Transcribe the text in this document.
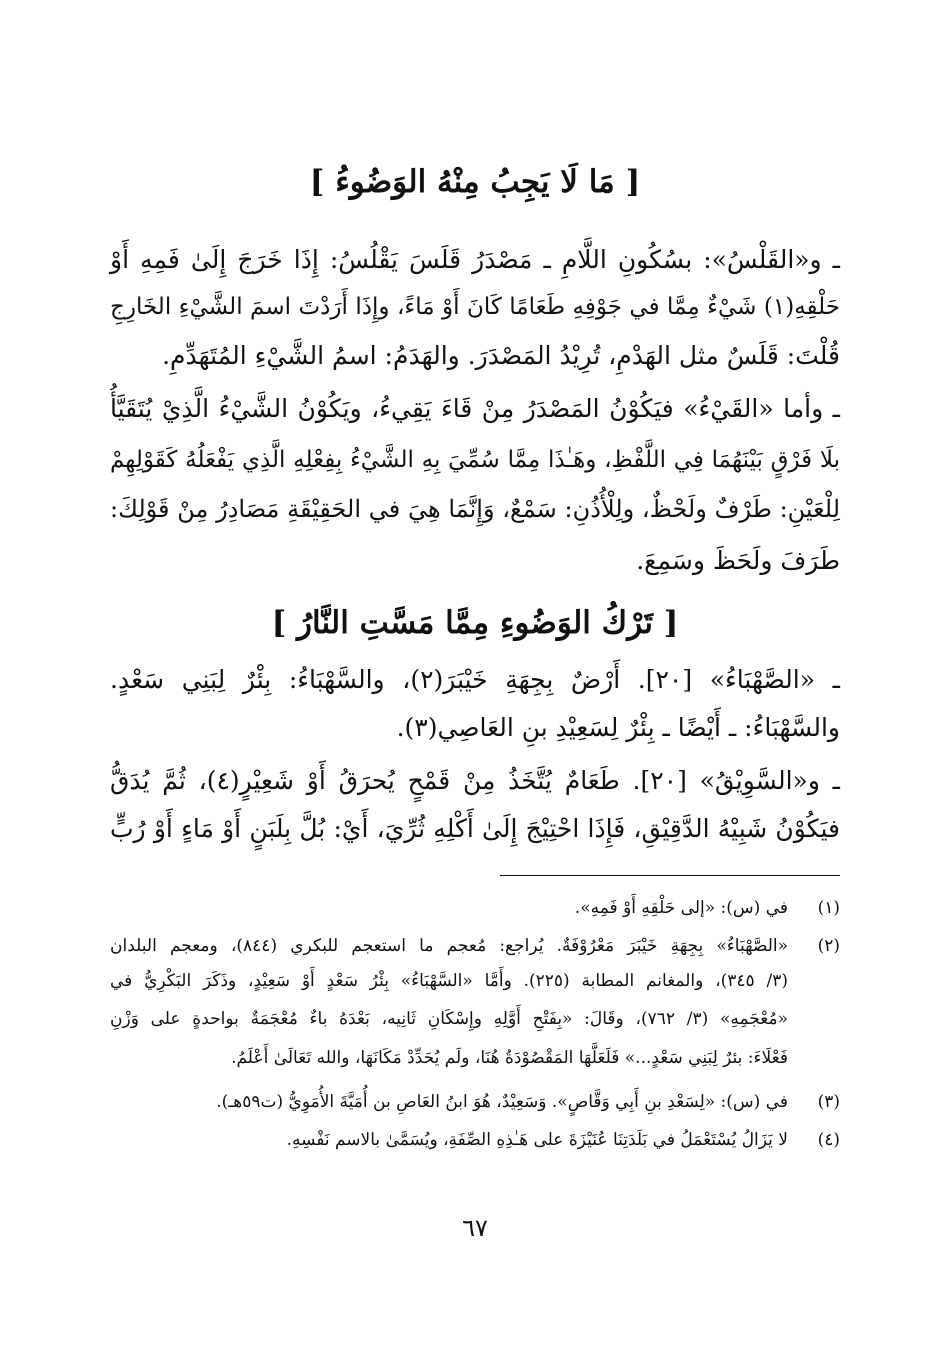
[ مَا لَا يَجِبُ مِنْهُ الوَضُوءُ ]
ـ و«القَلْسُ»: بسُكُونِ اللَّامِ ـ مَصْدَرُ قَلَسَ يَقْلُسُ: إِذَا خَرَجَ إِلَىٰ فَمِهِ أَوْ
حَلْقِهِ(١) شَيْءٌ مِمَّا في جَوْفِهِ طَعَامًا كَانَ أَوْ مَاءً، وإِذَا أَرَدْتَ اسمَ الشَّيْءِ الخَارِجِ
قُلْتَ: قَلَسٌ مثل الهَدْمِ، تُرِيْدُ المَصْدَرَ. والهَدَمُ: اسمُ الشَّيْءِ المُتَهَدِّمِ.
ـ وأما «القَيْءُ» فيَكُوْنُ المَصْدَرُ مِنْ قَاءَ يَقِيءُ، ويَكُوْنُ الشَّيْءُ الَّذِيْ يُتَقَيَّأُ
بلَا فَرْقٍ بَيْنَهُمَا فِي اللَّفْظِ، وهَـٰذَا مِمَّا سُمِّيَ بِهِ الشَّيْءُ بِفِعْلِهِ الَّذِي يَفْعَلُهُ كَقَوْلِهِمْ
لِلْعَيْنِ: طَرْفٌ ولَحْظٌ، ولِلْأُذُنِ: سَمْعٌ، وَإِنَّمَا هِيَ في الحَقِيْقَةِ مَصَادِرُ مِنْ قَوْلِكَ:
طَرَفَ ولَحَظَ وسَمِعَ.
[ تَرْكُ الوَضُوءِ مِمَّا مَسَّتِ النَّارُ ]
ـ «الصَّهْبَاءُ» [٢٠]. أَرْضٌ بِجِهَةِ خَيْبَرَ(٢)، والسَّهْبَاءُ: بِئْرٌ لِبَنِي سَعْدٍ.
والسَّهْبَاءُ: ـ أَيْضًا ـ بِئْرٌ لِسَعِيْدِ بنِ العَاصِي(٣).
ـ و«السَّوِيْقُ» [٢٠]. طَعَامٌ يُتَّخَذُ مِنْ قَمْحٍ يُحرَقُ أَوْ شَعِيْرٍ(٤)، ثُمَّ يُدَقُّ
فيَكُوْنُ شَبِيْهُ الدَّقِيْقِ، فَإِذَا احْتِيْجَ إِلَىٰ أَكْلِهِ ثُرِّيَ، أَيْ: بُلَّ بِلَبَنٍ أَوْ مَاءٍ أَوْ رُبٍّ
(١)
في (س): «إلى حَلْقِهِ أَوْ فَمِهِ».
(٢)
«الصَّهْبَاءُ» بِجِهَةِ خَيْبَرَ مَعْرُوْفَةٌ. يُراجع: مُعجم ما استعجم للبكري (٨٤٤)، ومعجم البلدان
(٣/ ٣٤٥)، والمغانم المطابة (٢٢٥). وأَمَّا «السَّهْبَاءُ» بِئْرُ سَعْدٍ أَوْ سَعِيْدٍ، وذَكَرَ البَكْرِيُّ في
«مُعْجَمِهِ» (٣/ ٧٦٢)، وقَالَ: «بِفَتْحِ أَوَّلِهِ وإِسْكَانِ ثَانِيه، بَعْدَهُ باءٌ مُعْجَمَةٌ بواحدةٍ على وَزْنِ
فَعْلَاءَ: بئرٌ لِبَنِي سَعْدٍ...» فَلَعَلَّهَا المَقْصُوْدَةُ هُنَا، ولَم يُحَدِّدْ مَكَانَهَا، والله تَعَالَىٰ أَعْلَمُ.
(٣)
في (س): «لِسَعْدِ بنِ أَبِي وَقَّاصٍ». وَسَعِيْدٌ، هُوَ ابنُ العَاصِ بن أُمَيَّةَ الأُمَوِيُّ (ت٥٩هـ).
(٤)
لا يَزَالُ يُسْتَعْمَلُ في بَلَدَتِنَا عُنَيْزَةَ على هَـٰذِهِ الصِّفَةِ، ويُسَمَّىٰ بالاسم نَفْسِهِ.
٦٧
